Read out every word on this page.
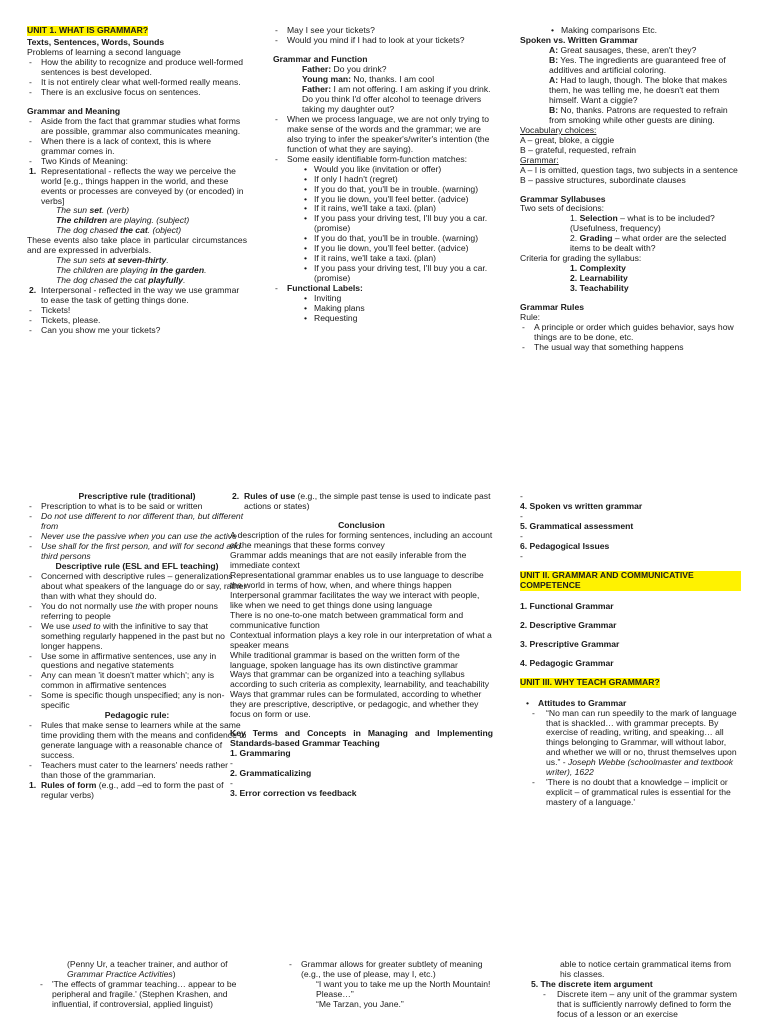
UNIT 1. WHAT IS GRAMMAR?

Texts, Sentences, Words, Sounds

Problems of learning a second language

- How the ability to recognize and produce well-formed sentences is best developed.

- It is not entirely clear what well-formed really means.

- There is an exclusive focus on sentences.

Grammar and Meaning

- Aside from the fact that grammar studies what forms are possible, grammar also communicates meaning.

- When there is a lack of context, this is where grammar comes in.

- Two Kinds of Meaning:

1. Representational - reflects the way we perceive the world [e.g., things happen in the world, and these events or processes are conveyed by (or encoded) in verbs]

The sun set. (verb)

The children are playing. (subject)

The dog chased the cat. (object)

These events also take place in particular circumstances and are expressed in adverbials.

The sun sets at seven-thirty.

The children are playing in the garden.

The dog chased the cat playfully.

2. Interpersonal - reflected in the way we use grammar to ease the task of getting things done.

- Tickets!

- Tickets, please.

- Can you show me your tickets?

- May I see your tickets?

- Would you mind if I had to look at your tickets?

Grammar and Function

Father: Do you drink?

Young man: No, thanks. I am cool

Father: I am not offering. I am asking if you drink. Do you think I'd offer alcohol to teenage drivers taking my daughter out?

- When we process language, we are not only trying to make sense of the words and the grammar; we are also trying to infer the speaker's/writer's intention (the function of what they are saying).

- Some easily identifiable form-function matches:

• Would you like (invitation or offer)

• If only I hadn't (regret)

• If you do that, you'll be in trouble. (warning)

• If you lie down, you'll feel better. (advice)

• If it rains, we'll take a taxi. (plan)

• If you pass your driving test, I'll buy you a car. (promise)

• If you do that, you'll be in trouble. (warning)

• If you lie down, you'll feel better. (advice)

• If it rains, we'll take a taxi. (plan)

• If you pass your driving test, I'll buy you a car. (promise)

- Functional Labels:

• Inviting

• Making plans

• Requesting

• Making comparisons Etc.

Spoken vs. Written Grammar

A: Great sausages, these, aren't they?

B: Yes. The ingredients are guaranteed free of additives and artificial coloring.

A: Had to laugh, though. The bloke that makes them, he was telling me, he doesn't eat them himself. Want a ciggie?

B: No, thanks. Patrons are requested to refrain from smoking while other guests are dining.

Vocabulary choices:

A – great, bloke, a ciggie

B – grateful, requested, refrain

Grammar:

A – I is omitted, question tags, two subjects in a sentence

B – passive structures, subordinate clauses

Grammar Syllabuses

Two sets of decisions:

1. Selection – what is to be included? (Usefulness, frequency)

2. Grading – what order are the selected items to be dealt with?

Criteria for grading the syllabus:

1. Complexity

2. Learnability

3. Teachability

Grammar Rules

Rule:

- A principle or order which guides behavior, says how things are to be done, etc.

- The usual way that something happens

Prescriptive rule (traditional)

- Prescription to what is to be said or written

- Do not use different to nor different than, but different from

- Never use the passive when you can use the active

- Use shall for the first person, and will for second and third persons

Descriptive rule (ESL and EFL teaching)

- Concerned with descriptive rules – generalizations about what speakers of the language do or say, rather than with what they should do.

- You do not normally use the with proper nouns referring to people

- We use used to with the infinitive to say that something regularly happened in the past but no longer happens.

- Use some in affirmative sentences, use any in questions and negative statements

- Any can mean 'it doesn't matter which'; any is common in affirmative sentences

- Some is specific though unspecified; any is non-specific

Pedagogic rule:

- Rules that make sense to learners while at the same time providing them with the means and confidence to generate language with a reasonable chance of success.

- Teachers must cater to the learners' needs rather than those of the grammarian.

1. Rules of form (e.g., add –ed to form the past of regular verbs)

2. Rules of use (e.g., the simple past tense is used to indicate past actions or states)

Conclusion

A description of the rules for forming sentences, including an account of the meanings that these forms convey

Grammar adds meanings that are not easily inferable from the immediate context

Representational grammar enables us to use language to describe the world in terms of how, when, and where things happen

Interpersonal grammar facilitates the way we interact with people, like when we need to get things done using language

There is no one-to-one match between grammatical form and communicative function

Contextual information plays a key role in our interpretation of what a speaker means

While traditional grammar is based on the written form of the language, spoken language has its own distinctive grammar

Ways that grammar can be organized into a teaching syllabus according to such criteria as complexity, learnability, and teachability

Ways that grammar rules can be formulated, according to whether they are prescriptive, descriptive, or pedagogic, and whether they focus on form or use.

Key Terms and Concepts in Managing and Implementing Standards-based Grammar Teaching

1. Grammaring

-

2. Grammaticalizing

-

3. Error correction vs feedback

-

4. Spoken vs written grammar

-

5. Grammatical assessment

-

6. Pedagogical Issues

-

UNIT II. GRAMMAR AND COMMUNICATIVE COMPETENCE

1. Functional Grammar

2. Descriptive Grammar

3. Prescriptive Grammar

4. Pedagogic Grammar

UNIT III. WHY TEACH GRAMMAR?

• Attitudes to Grammar

- “No man can run speedily to the mark of language that is shackled… with grammar precepts. By exercise of reading, writing, and speaking… all things belonging to Grammar, will without labor, and whether we will or no, thrust themselves upon us.” - Joseph Webbe (schoolmaster and textbook writer), 1622

- 'There is no doubt that a knowledge – implicit or explicit – of grammatical rules is essential for the mastery of a language.'

(Penny Ur, a teacher trainer, and author of Grammar Practice Activities)

- 'The effects of grammar teaching… appear to be peripheral and fragile.' (Stephen Krashen, and influential, if controversial, applied linguist)

- Grammar allows for greater subtlety of meaning (e.g., the use of please, may I, etc.)

“I want you to take me up the North Mountain! Please…”

“Me Tarzan, you Jane.”

able to notice certain grammatical items from his classes.

5. The discrete item argument

- Discrete item – any unit of the grammar system that is sufficiently narrowly defined to form the focus of a lesson or an exercise
